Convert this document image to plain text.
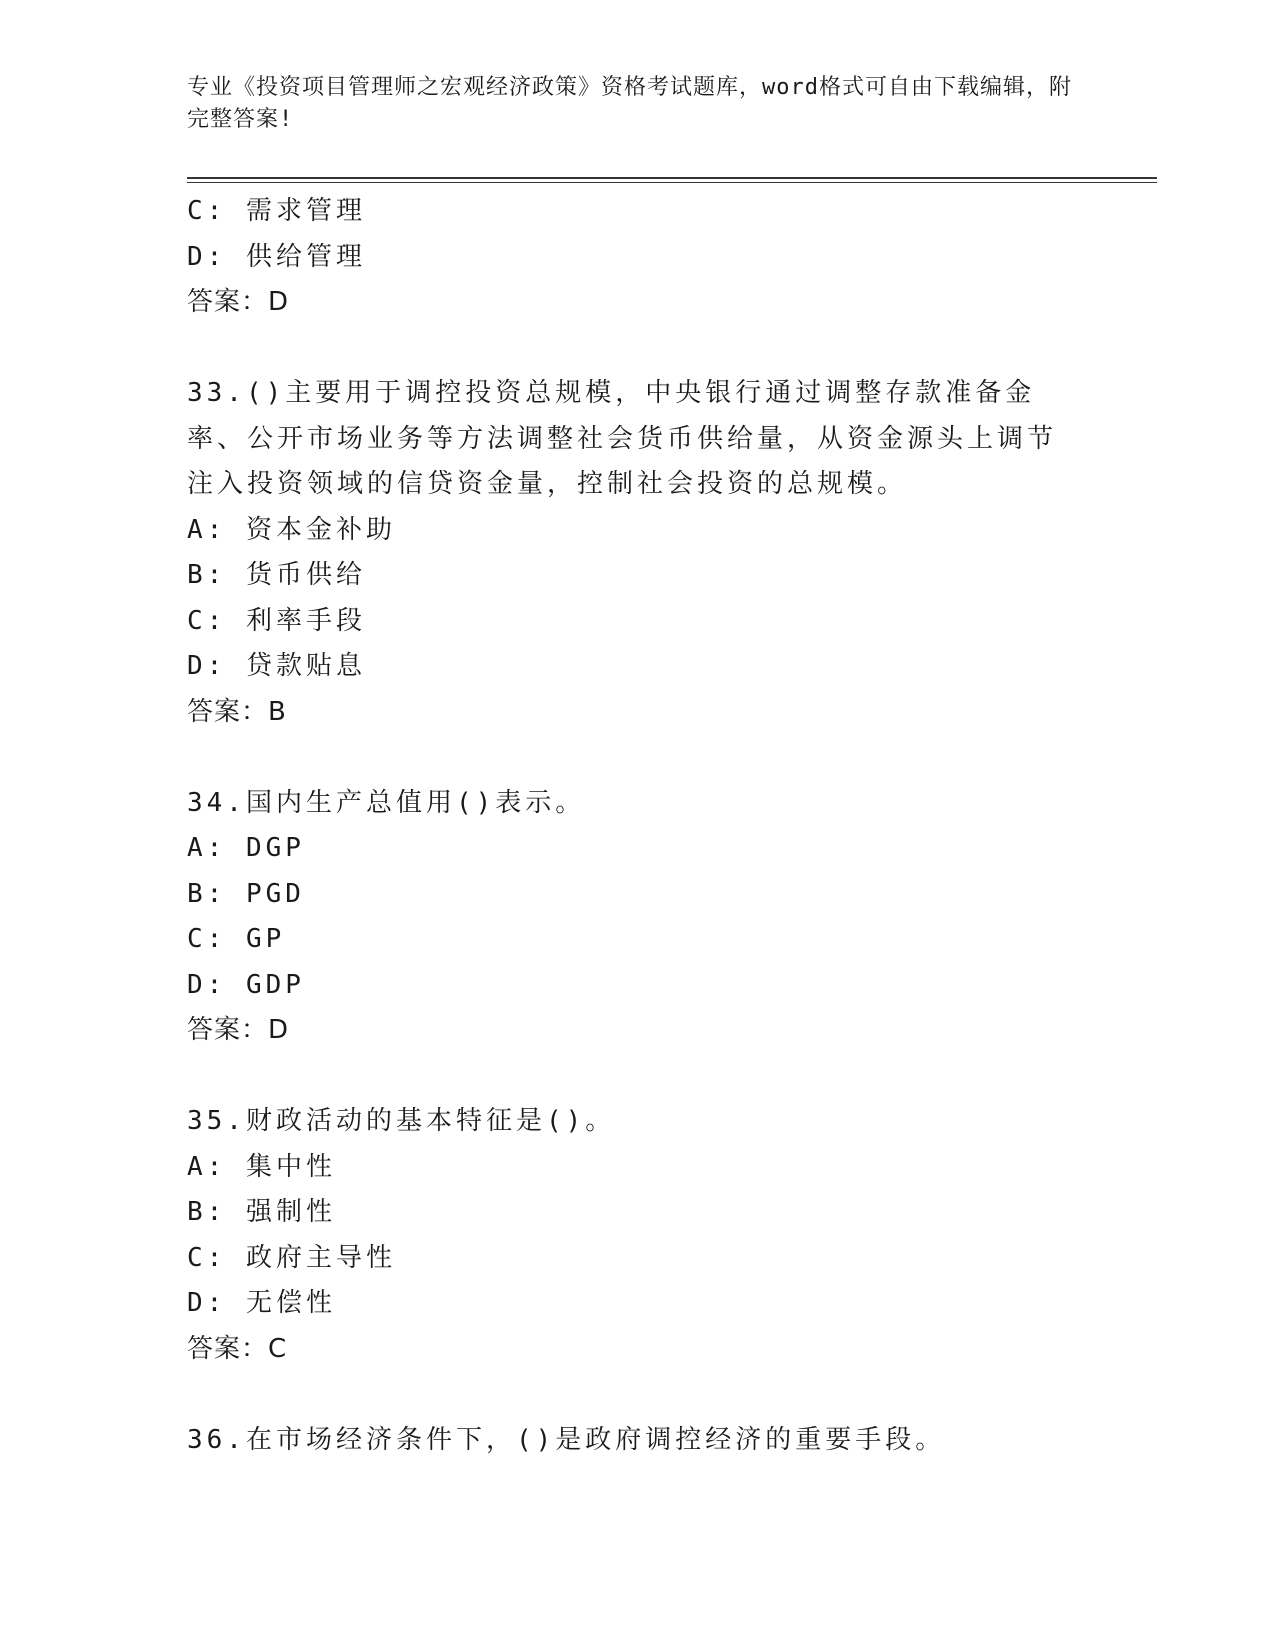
专业《投资项目管理师之宏观经济政策》资格考试题库，word格式可自由下载编辑，附完整答案!
C: 需求管理
D: 供给管理
答案：D
33.()主要用于调控投资总规模，中央银行通过调整存款准备金率、公开市场业务等方法调整社会货币供给量，从资金源头上调节注入投资领域的信贷资金量，控制社会投资的总规模。
A: 资本金补助
B: 货币供给
C: 利率手段
D: 贷款贴息
答案：B
34.国内生产总值用()表示。
A: DGP
B: PGD
C: GP
D: GDP
答案：D
35.财政活动的基本特征是()。
A: 集中性
B: 强制性
C: 政府主导性
D: 无偿性
答案：C
36.在市场经济条件下，()是政府调控经济的重要手段。
